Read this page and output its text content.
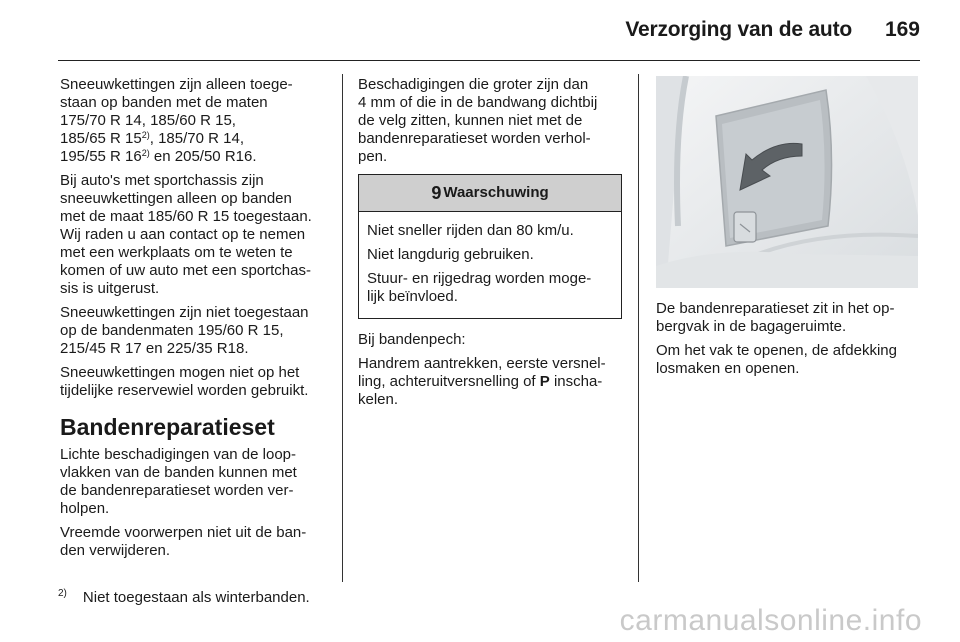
Verzorging van de auto 169

Sneeuwkettingen zijn alleen toege-
staan op banden met de maten
175/70 R 14, 185/60 R 15,
185/65 R 15$^{2)}$, 185/70 R 14,
195/55 R 16$^{2)}$ en 205/50 R16.

Bij auto's met sportchassis zijn
sneeuwkettingen alleen op banden
met de maat 185/60 R 15 toegestaan.
Wij raden u aan contact op te nemen
met een werkplaats om te weten te
komen of uw auto met een sportchas-
sis is uitgerust.

Sneeuwkettingen zijn niet toegestaan
op de bandenmaten 195/60 R 15,
215/45 R 17 en 225/35 R18.

Sneeuwkettingen mogen niet op het
tijdelijke reservewiel worden gebruikt.

Bandenreparatieset

Lichte beschadigingen van de loop-
vlakken van de banden kunnen met
de bandenreparatieset worden ver-
holpen.

Vreemde voorwerpen niet uit de ban-
den verwijderen.

Beschadigingen die groter zijn dan
4 mm of die in de bandwang dichtbij
de velg zitten, kunnen niet met de
bandenreparatieset worden verhol-
pen.

9 Waarschuwing

Niet sneller rijden dan 80 km/u.

Niet langdurig gebruiken.

Stuur- en rijgedrag worden moge-
lijk beïnvloed.

Bij bandenpech:

Handrem aantrekken, eerste versnel-
ling, achteruitversnelling of P inscha-
kelen.

De bandenreparatieset zit in het op-
bergvak in de bagageruimte.

Om het vak te openen, de afdekking
losmaken en openen.

$^{2)}$ Niet toegestaan als winterbanden.
carmanualsonline.info
